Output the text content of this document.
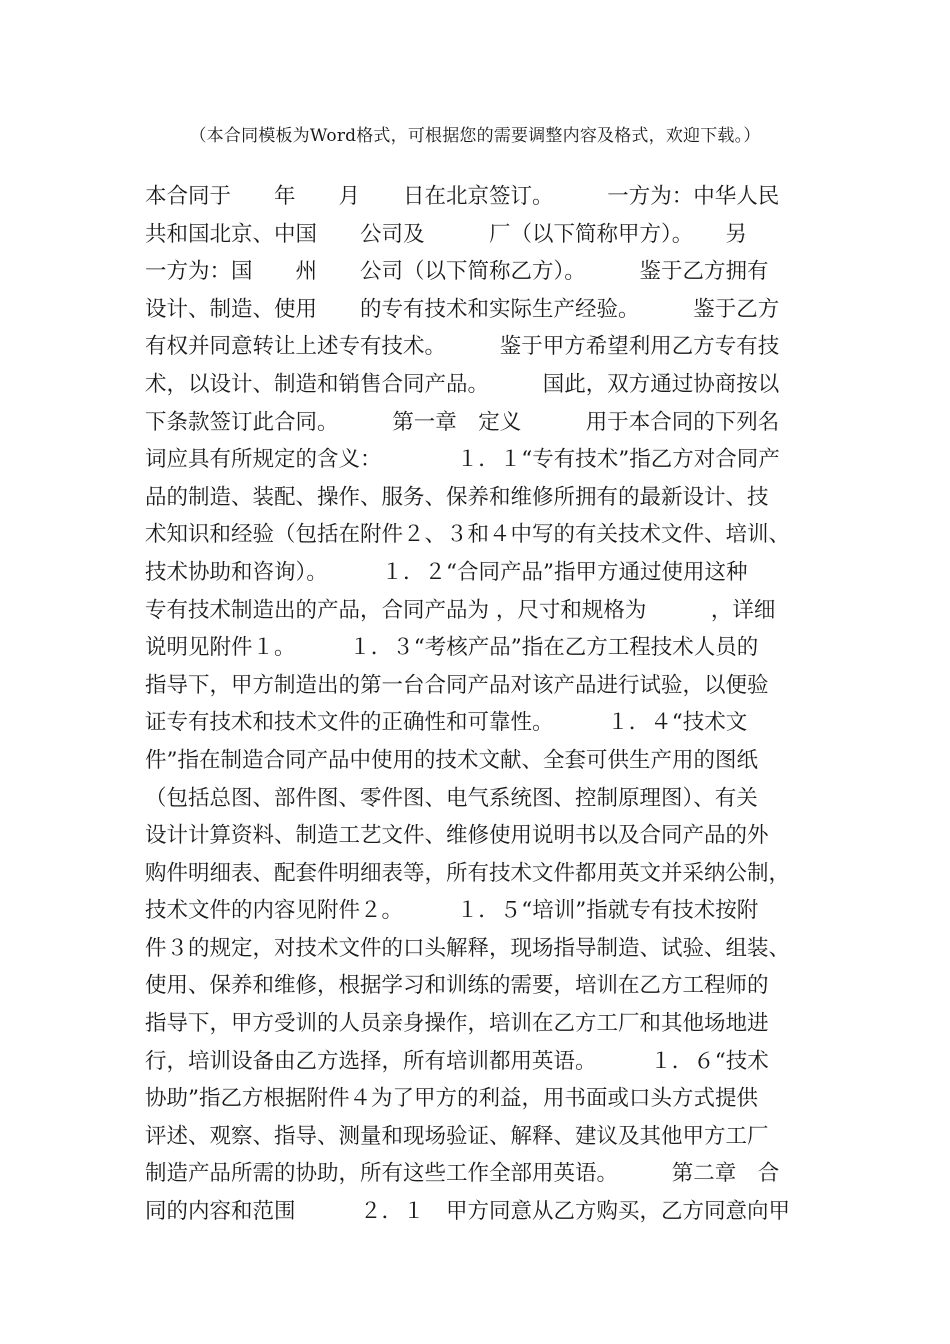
（本合同模板为Word格式，可根据您的需要调整内容及格式，欢迎下载。）
本合同于　　年　　月　　日在北京签订。　　　一方为：中华人民
共和国北京、中国　　公司及　　　厂（以下简称甲方）。　　另
一方为：国　　州　　公司（以下简称乙方）。　　　鉴于乙方拥有
设计、制造、使用　　的专有技术和实际生产经验。　　　鉴于乙方
有权并同意转让上述专有技术。　　　鉴于甲方希望利用乙方专有技
术，以设计、制造和销售合同产品。　　　国此，双方通过协商按以
下条款签订此合同。　　　第一章　定义　　　用于本合同的下列名
词应具有所规定的含义：　　　　１．１“专有技术”指乙方对合同产
品的制造、装配、操作、服务、保养和维修所拥有的最新设计、技
术知识和经验（包括在附件２、３和４中写的有关技术文件、培训、
技术协助和咨询）。　　　１．２“合同产品”指甲方通过使用这种
专有技术制造出的产品，合同产品为 ，尺寸和规格为　　　，详细
说明见附件１。　　　１．３“考核产品”指在乙方工程技术人员的
指导下，甲方制造出的第一台合同产品对该产品进行试验，以便验
证专有技术和技术文件的正确性和可靠性。　　　１．４“技术文
件”指在制造合同产品中使用的技术文献、全套可供生产用的图纸
（包括总图、部件图、零件图、电气系统图、控制原理图）、有关
设计计算资料、制造工艺文件、维修使用说明书以及合同产品的外
购件明细表、配套件明细表等，所有技术文件都用英文并采纳公制，
技术文件的内容见附件２。　　　１．５“培训”指就专有技术按附
件３的规定，对技术文件的口头解释，现场指导制造、试验、组装、
使用、保养和维修，根据学习和训练的需要，培训在乙方工程师的
指导下，甲方受训的人员亲身操作，培训在乙方工厂和其他场地进
行，培训设备由乙方选择，所有培训都用英语。　　　１．６“技术
协助”指乙方根据附件４为了甲方的利益，用书面或口头方式提供
评述、观察、指导、测量和现场验证、解释、建议及其他甲方工厂
制造产品所需的协助，所有这些工作全部用英语。　　　第二章　合
同的内容和范围　　　２．１　甲方同意从乙方购买，乙方同意向甲
